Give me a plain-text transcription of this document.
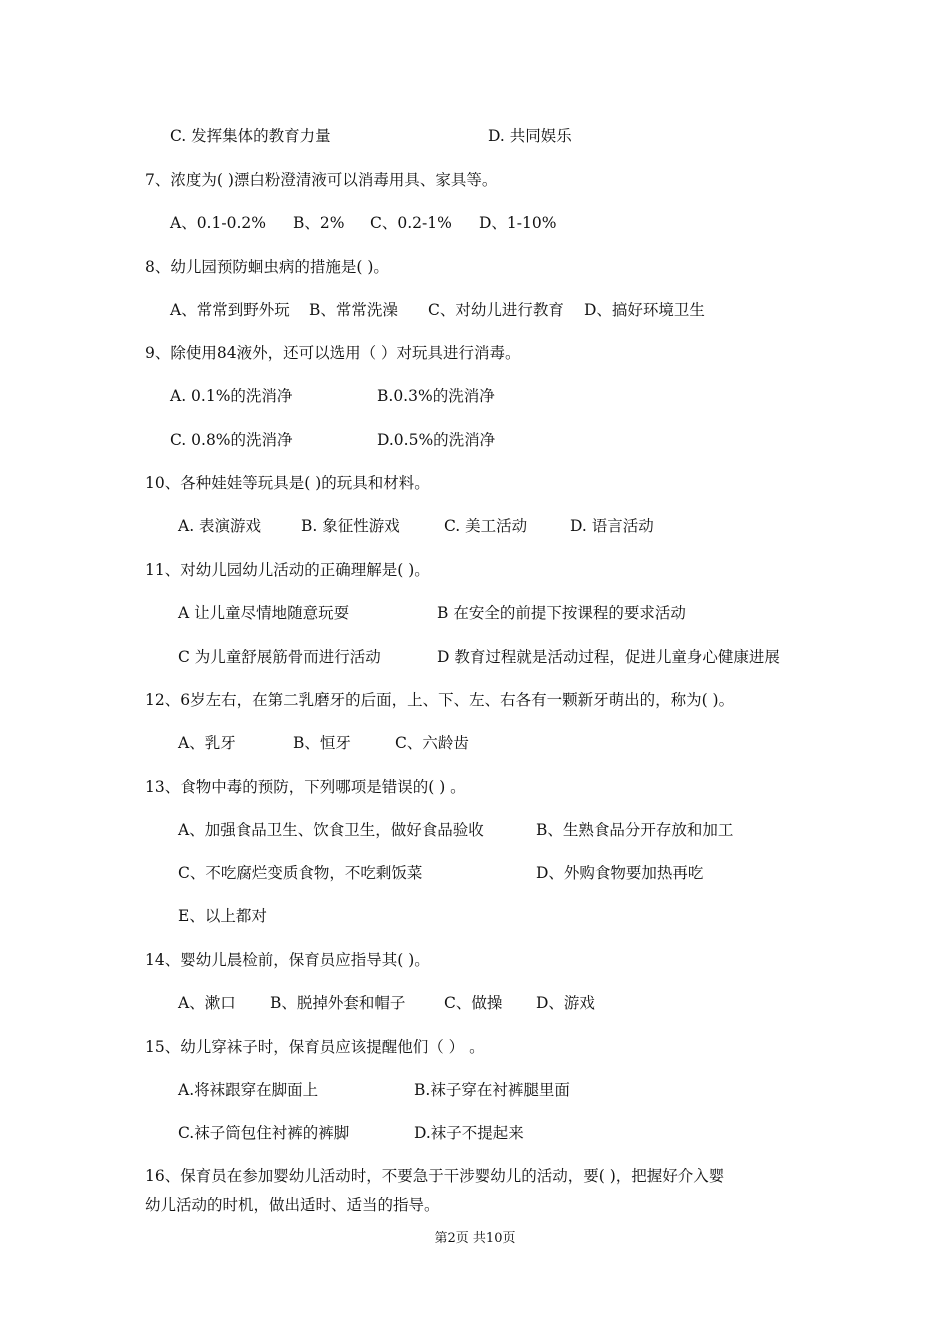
C. 发挥集体的教育力量	D. 共同娱乐
7、浓度为( )漂白粉澄清液可以消毒用具、家具等。
A、0.1-0.2% B、2% C、0.2-1% D、1-10%
8、幼儿园预防蛔虫病的措施是( )。
A、常常到野外玩 B、常常洗澡 C、对幼儿进行教育 D、搞好环境卫生
9、除使用84液外，还可以选用（ ）对玩具进行消毒。
A. 0.1%的洗消净	B.0.3%的洗消净
C. 0.8%的洗消净	D.0.5%的洗消净
10、各种娃娃等玩具是( )的玩具和材料。
A. 表演游戏	B. 象征性游戏	C. 美工活动	D. 语言活动
11、对幼儿园幼儿活动的正确理解是( )。
A 让儿童尽情地随意玩耍	B 在安全的前提下按课程的要求活动
C 为儿童舒展筋骨而进行活动	D 教育过程就是活动过程，促进儿童身心健康进展
12、6岁左右，在第二乳磨牙的后面，上、下、左、右各有一颗新牙萌出的，称为( )。
A、乳牙	B、恒牙	C、六龄齿
13、食物中毒的预防，下列哪项是错误的( ) 。
A、加强食品卫生、饮食卫生，做好食品验收	B、生熟食品分开存放和加工
C、不吃腐烂变质食物，不吃剩饭菜	D、外购食物要加热再吃
E、以上都对
14、婴幼儿晨检前，保育员应指导其( )。
A、漱口 B、脱掉外套和帽子 C、做操 D、游戏
15、幼儿穿袜子时，保育员应该提醒他们（ ） 。
A.将袜跟穿在脚面上	B.袜子穿在衬裤腿里面
C.袜子筒包住衬裤的裤脚	D.袜子不提起来
16、保育员在参加婴幼儿活动时，不要急于干涉婴幼儿的活动，要( )，把握好介入婴
幼儿活动的时机，做出适时、适当的指导。
第2页 共10页
